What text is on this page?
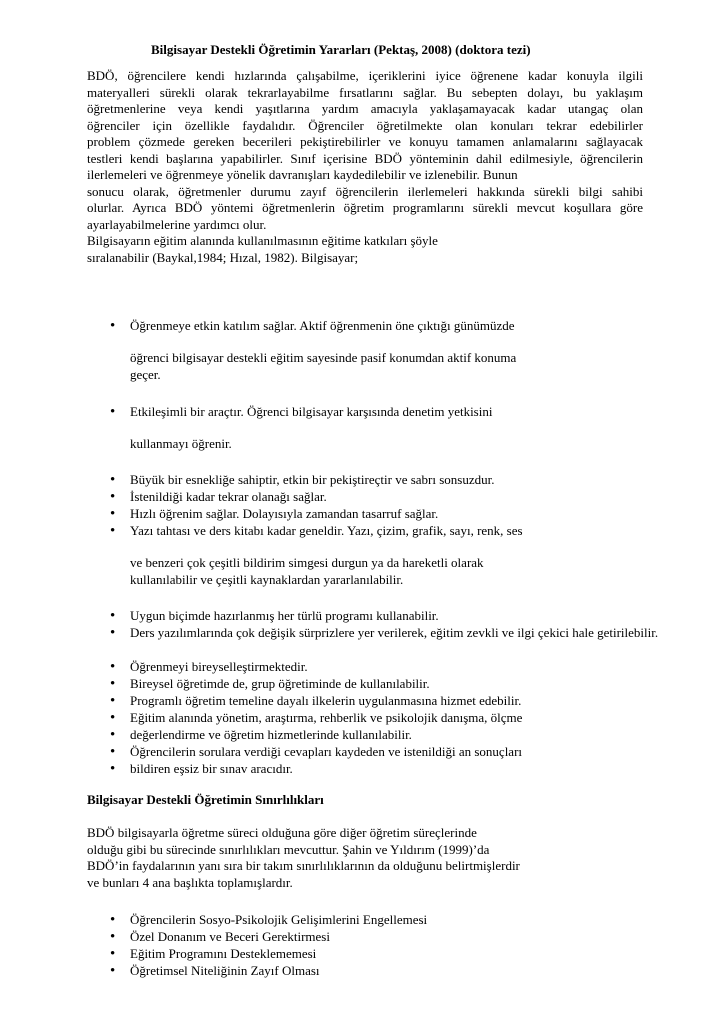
Bilgisayar Destekli Öğretimin Yararları (Pektaş, 2008) (doktora tezi)
BDÖ, öğrencilere kendi hızlarında çalışabilme, içeriklerini iyice öğrenene kadar konuyla ilgili
materyalleri sürekli olarak tekrarlayabilme fırsatlarını sağlar. Bu sebepten dolayı, bu yaklaşım
öğretmenlerine veya kendi yaşıtlarına yardım amacıyla yaklaşamayacak kadar utangaç olan
öğrenciler için özellikle faydalıdır. Öğrenciler öğretilmekte olan konuları tekrar edebilirler
problem çözmede gereken becerileri pekiştirebilirler ve konuyu tamamen anlamalarını sağlayacak
testleri kendi başlarına yapabilirler. Sınıf içerisine BDÖ yönteminin dahil edilmesiyle, öğrencilerin
ilerlemeleri ve öğrenmeye yönelik davranışları kaydedilebilir ve izlenebilir. Bunun
sonucu olarak, öğretmenler durumu zayıf öğrencilerin ilerlemeleri hakkında sürekli bilgi sahibi
olurlar. Ayrıca BDÖ yöntemi öğretmenlerin öğretim programlarını sürekli mevcut koşullara göre
ayarlayabilmelerine yardımcı olur.
Bilgisayarın eğitim alanında kullanılmasının eğitime katkıları şöyle
sıralanabilir (Baykal,1984; Hızal, 1982). Bilgisayar;
• Öğrenmeye etkin katılım sağlar. Aktif öğrenmenin öne çıktığı günümüzde
öğrenci bilgisayar destekli eğitim sayesinde pasif konumdan aktif konuma
geçer.
• Etkileşimli bir araçtır. Öğrenci bilgisayar karşısında denetim yetkisini
kullanmayı öğrenir.
• Büyük bir esnekliğe sahiptir, etkin bir pekiştireçtir ve sabrı sonsuzdur.
• İstenildiği kadar tekrar olanağı sağlar.
• Hızlı öğrenim sağlar. Dolayısıyla zamandan tasarruf sağlar.
• Yazı tahtası ve ders kitabı kadar geneldir. Yazı, çizim, grafik, sayı, renk, ses
ve benzeri çok çeşitli bildirim simgesi durgun ya da hareketli olarak
kullanılabilir ve çeşitli kaynaklardan yararlanılabilir.
• Uygun biçimde hazırlanmış her türlü programı kullanabilir.
• Ders yazılımlarında çok değişik sürprizlere yer verilerek, eğitim zevkli ve ilgi çekici hale getirilebilir.
• Öğrenmeyi bireyselleştirmektedir.
• Bireysel öğretimde de, grup öğretiminde de kullanılabilir.
• Programlı öğretim temeline dayalı ilkelerin uygulanmasına hizmet edebilir.
• Eğitim alanında yönetim, araştırma, rehberlik ve psikolojik danışma, ölçme
• değerlendirme ve öğretim hizmetlerinde kullanılabilir.
• Öğrencilerin sorulara verdiği cevapları kaydeden ve istenildiği an sonuçları
• bildiren eşsiz bir sınav aracıdır.
Bilgisayar Destekli Öğretimin Sınırlılıkları
BDÖ bilgisayarla öğretme süreci olduğuna göre diğer öğretim süreçlerinde
olduğu gibi bu sürecinde sınırlılıkları mevcuttur. Şahin ve Yıldırım (1999)’da
BDÖ’in faydalarının yanı sıra bir takım sınırlılıklarının da olduğunu belirtmişlerdir
ve bunları 4 ana başlıkta toplamışlardır.
• Öğrencilerin Sosyo-Psikolojik Gelişimlerini Engellemesi
• Özel Donanım ve Beceri Gerektirmesi
• Eğitim Programını Desteklememesi
• Öğretimsel Niteliğinin Zayıf Olması
